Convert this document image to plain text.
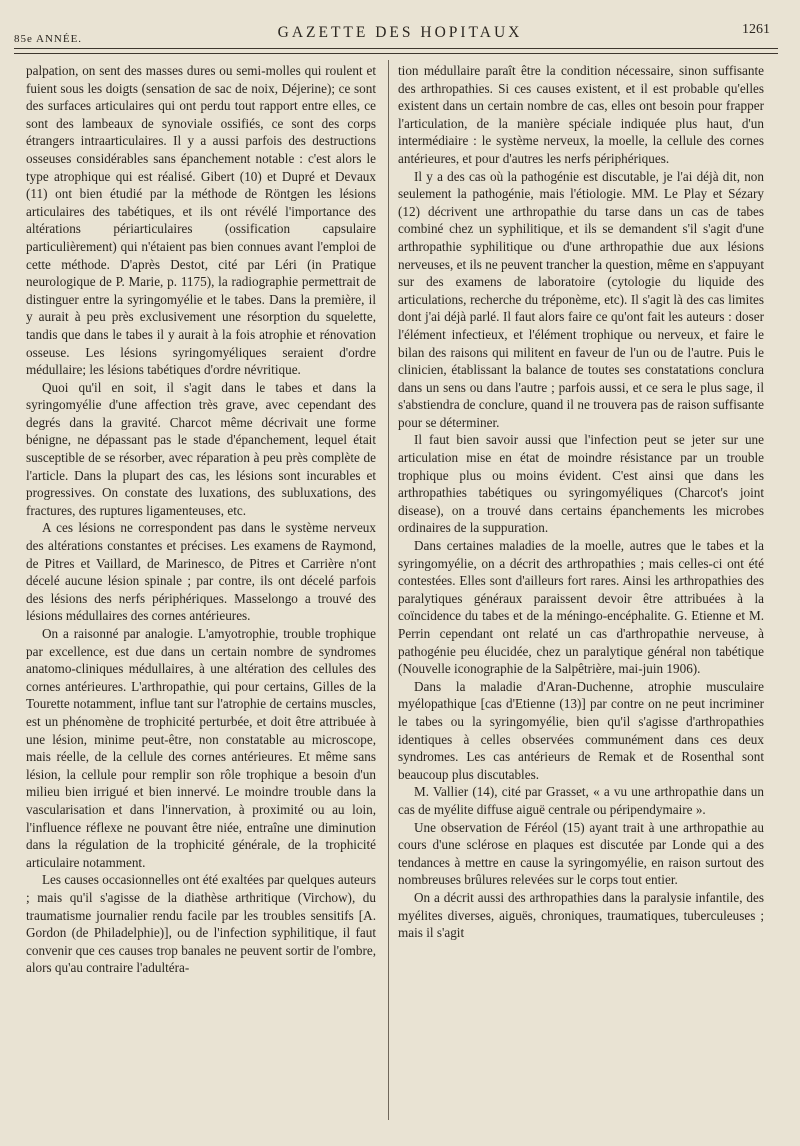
85e ANNÉE.	GAZETTE DES HOPITAUX	1261

palpation, on sent des masses dures ou semi-molles qui roulent et fuient sous les doigts (sensation de sac de noix, Déjerine); ce sont des surfaces articulaires qui ont perdu tout rapport entre elles, ce sont des lambeaux de synoviale ossifiés, ce sont des corps étrangers intraarticulaires. Il y a aussi parfois des destructions osseuses considérables sans épanchement notable : c'est alors le type atrophique qui est réalisé. Gibert (10) et Dupré et Devaux (11) ont bien étudié par la méthode de Röntgen les lésions articulaires des tabétiques, et ils ont révélé l'importance des altérations périarticulaires (ossification capsulaire particulièrement) qui n'étaient pas bien connues avant l'emploi de cette méthode. D'après Destot, cité par Léri (in Pratique neurologique de P. Marie, p. 1175), la radiographie permettrait de distinguer entre la syringomyélie et le tabes. Dans la première, il y aurait à peu près exclusivement une résorption du squelette, tandis que dans le tabes il y aurait à la fois atrophie et rénovation osseuse. Les lésions syringomyéliques seraient d'ordre médullaire; les lésions tabétiques d'ordre névritique.

Quoi qu'il en soit, il s'agit dans le tabes et dans la syringomyélie d'une affection très grave, avec cependant des degrés dans la gravité. Charcot même décrivait une forme bénigne, ne dépassant pas le stade d'épanchement, lequel était susceptible de se résorber, avec réparation à peu près complète de l'article. Dans la plupart des cas, les lésions sont incurables et progressives. On constate des luxations, des subluxations, des fractures, des ruptures ligamenteuses, etc.

A ces lésions ne correspondent pas dans le système nerveux des altérations constantes et précises. Les examens de Raymond, de Pitres et Vaillard, de Marinesco, de Pitres et Carrière n'ont décelé aucune lésion spinale ; par contre, ils ont décelé parfois des lésions des nerfs périphériques. Masselongo a trouvé des lésions médullaires des cornes antérieures.

On a raisonné par analogie. L'amyotrophie, trouble trophique par excellence, est due dans un certain nombre de syndromes anatomo-cliniques médullaires, à une altération des cellules des cornes antérieures. L'arthropathie, qui pour certains, Gilles de la Tourette notamment, influe tant sur l'atrophie de certains muscles, est un phénomène de trophicité perturbée, et doit être attribuée à une lésion, minime peut-être, non constatable au microscope, mais réelle, de la cellule des cornes antérieures. Et même sans lésion, la cellule pour remplir son rôle trophique a besoin d'un milieu bien irrigué et bien innervé. Le moindre trouble dans la vascularisation et dans l'innervation, à proximité ou au loin, l'influence réflexe ne pouvant être niée, entraîne une diminution dans la régulation de la trophicité générale, de la trophicité articulaire notamment.

Les causes occasionnelles ont été exaltées par quelques auteurs ; mais qu'il s'agisse de la diathèse arthritique (Virchow), du traumatisme journalier rendu facile par les troubles sensitifs [A. Gordon (de Philadelphie)], ou de l'infection syphilitique, il faut convenir que ces causes trop banales ne peuvent sortir de l'ombre, alors qu'au contraire l'adultéra-

tion médullaire paraît être la condition nécessaire, sinon suffisante des arthropathies. Si ces causes existent, et il est probable qu'elles existent dans un certain nombre de cas, elles ont besoin pour frapper l'articulation, de la manière spéciale indiquée plus haut, d'un intermédiaire : le système nerveux, la moelle, la cellule des cornes antérieures, et pour d'autres les nerfs périphériques.

Il y a des cas où la pathogénie est discutable, je l'ai déjà dit, non seulement la pathogénie, mais l'étiologie. MM. Le Play et Sézary (12) décrivent une arthropathie du tarse dans un cas de tabes combiné chez un syphilitique, et ils se demandent s'il s'agit d'une arthropathie syphilitique ou d'une arthropathie due aux lésions nerveuses, et ils ne peuvent trancher la question, même en s'appuyant sur des examens de laboratoire (cytologie du liquide des articulations, recherche du tréponème, etc). Il s'agit là des cas limites dont j'ai déjà parlé. Il faut alors faire ce qu'ont fait les auteurs : doser l'élément infectieux, et l'élément trophique ou nerveux, et faire le bilan des raisons qui militent en faveur de l'un ou de l'autre. Puis le clinicien, établissant la balance de toutes ses constatations conclura dans un sens ou dans l'autre ; parfois aussi, et ce sera le plus sage, il s'abstiendra de conclure, quand il ne trouvera pas de raison suffisante pour se déterminer.

Il faut bien savoir aussi que l'infection peut se jeter sur une articulation mise en état de moindre résistance par un trouble trophique plus ou moins évident. C'est ainsi que dans les arthropathies tabétiques ou syringomyéliques (Charcot's joint disease), on a trouvé dans certains épanchements les microbes ordinaires de la suppuration.

Dans certaines maladies de la moelle, autres que le tabes et la syringomyélie, on a décrit des arthropathies ; mais celles-ci ont été contestées. Elles sont d'ailleurs fort rares. Ainsi les arthropathies des paralytiques généraux paraissent devoir être attribuées à la coïncidence du tabes et de la méningo-encéphalite. G. Etienne et M. Perrin cependant ont relaté un cas d'arthropathie nerveuse, à pathogénie peu élucidée, chez un paralytique général non tabétique (Nouvelle iconographie de la Salpêtrière, mai-juin 1906).

Dans la maladie d'Aran-Duchenne, atrophie musculaire myélopathique [cas d'Etienne (13)] par contre on ne peut incriminer le tabes ou la syringomyélie, bien qu'il s'agisse d'arthropathies identiques à celles observées communément dans ces deux syndromes. Les cas antérieurs de Remak et de Rosenthal sont beaucoup plus discutables.

M. Vallier (14), cité par Grasset, « a vu une arthropathie dans un cas de myélite diffuse aiguë centrale ou péripendymaire ».

Une observation de Féréol (15) ayant trait à une arthropathie au cours d'une sclérose en plaques est discutée par Londe qui a des tendances à mettre en cause la syringomyélie, en raison surtout des nombreuses brûlures relevées sur le corps tout entier.

On a décrit aussi des arthropathies dans la paralysie infantile, des myélites diverses, aiguës, chroniques, traumatiques, tuberculeuses ; mais il s'agit
